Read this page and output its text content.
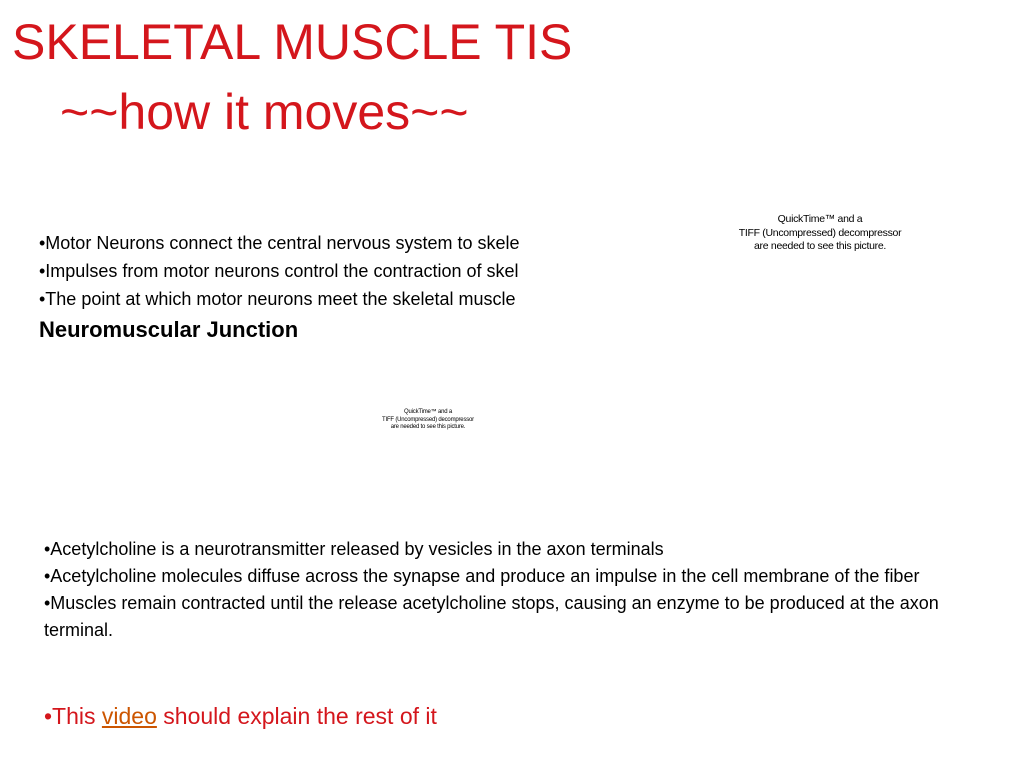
SKELETAL MUSCLE TIS
~~how it moves~~
•Motor Neurons connect the central nervous system to skele
•Impulses from motor neurons control the contraction of skel
•The point at which motor neurons meet the skeletal muscle
Neuromuscular Junction
QuickTime™ and a
TIFF (Uncompressed) decompressor
are needed to see this picture.
QuickTime™ and a
TIFF (Uncompressed) decompressor
are needed to see this picture.
•Acetylcholine is a neurotransmitter released by vesicles in the axon terminals
•Acetylcholine molecules diffuse across the synapse and produce an impulse in the cell membrane of the fiber
•Muscles remain contracted until the release acetylcholine stops, causing an enzyme to be produced at the axon terminal.
•This video should explain the rest of it
